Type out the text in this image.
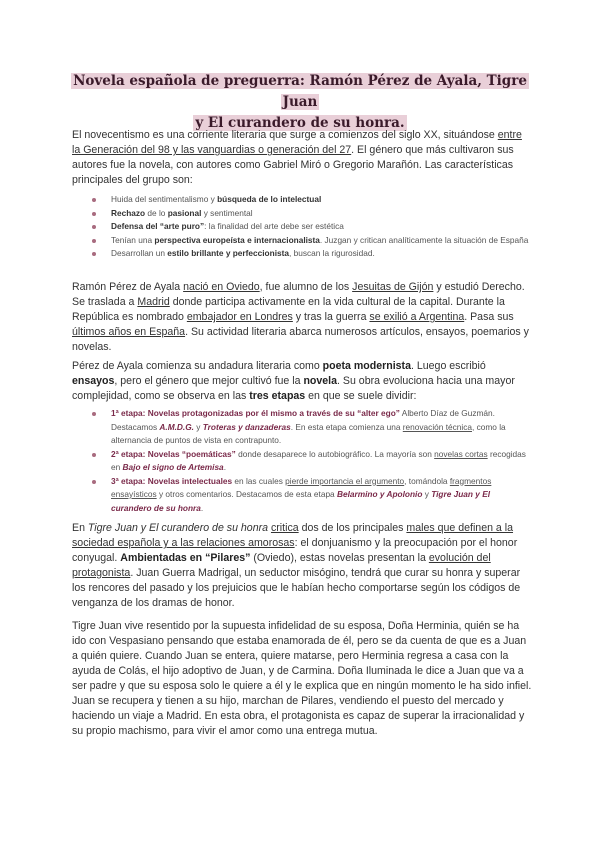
Novela española de preguerra: Ramón Pérez de Ayala, Tigre Juan
y El curandero de su honra.

El novecentismo es una corriente literaria que surge a comienzos del siglo XX, situándose entre la Generación del 98 y las vanguardias o generación del 27. El género que más cultivaron sus autores fue la novela, con autores como Gabriel Miró o Gregorio Marañón. Las características principales del grupo son:

Huida del sentimentalismo y búsqueda de lo intelectual
Rechazo de lo pasional y sentimental
Defensa del “arte puro”: la finalidad del arte debe ser estética
Tenían una perspectiva europeísta e internacionalista. Juzgan y critican analíticamente la situación de España
Desarrollan un estilo brillante y perfeccionista, buscan la rigurosidad.

Ramón Pérez de Ayala nació en Oviedo, fue alumno de los Jesuitas de Gijón y estudió Derecho. Se traslada a Madrid donde participa activamente en la vida cultural de la capital. Durante la República es nombrado embajador en Londres y tras la guerra se exilió a Argentina. Pasa sus últimos años en España. Su actividad literaria abarca numerosos artículos, ensayos, poemarios y novelas.

Pérez de Ayala comienza su andadura literaria como poeta modernista. Luego escribió ensayos, pero el género que mejor cultivó fue la novela. Su obra evoluciona hacia una mayor complejidad, como se observa en las tres etapas en que se suele dividir:

1ª etapa: Novelas protagonizadas por él mismo a través de su “alter ego” Alberto Díaz de Guzmán. Destacamos A.M.D.G. y Troteras y danzaderas. En esta etapa comienza una renovación técnica, como la alternancia de puntos de vista en contrapunto.
2ª etapa: Novelas “poemáticas” donde desaparece lo autobiográfico. La mayoría son novelas cortas recogidas en Bajo el signo de Artemisa.
3ª etapa: Novelas intelectuales en las cuales pierde importancia el argumento, tomándola fragmentos ensayísticos y otros comentarios. Destacamos de esta etapa Belarmino y Apolonio y Tigre Juan y El curandero de su honra.

En Tigre Juan y El curandero de su honra critica dos de los principales males que definen a la sociedad española y a las relaciones amorosas: el donjuanismo y la preocupación por el honor conyugal. Ambientadas en “Pilares” (Oviedo), estas novelas presentan la evolución del protagonista. Juan Guerra Madrigal, un seductor misógino, tendrá que curar su honra y superar los rencores del pasado y los prejuicios que le habían hecho comportarse según los códigos de venganza de los dramas de honor.

Tigre Juan vive resentido por la supuesta infidelidad de su esposa, Doña Herminia, quién se ha ido con Vespasiano pensando que estaba enamorada de él, pero se da cuenta de que es a Juan a quién quiere. Cuando Juan se entera, quiere matarse, pero Herminia regresa a casa con la ayuda de Colás, el hijo adoptivo de Juan, y de Carmina. Doña Iluminada le dice a Juan que va a ser padre y que su esposa solo le quiere a él y le explica que en ningún momento le ha sido infiel. Juan se recupera y tienen a su hijo, marchan de Pilares, vendiendo el puesto del mercado y haciendo un viaje a Madrid. En esta obra, el protagonista es capaz de superar la irracionalidad y su propio machismo, para vivir el amor como una entrega mutua.
